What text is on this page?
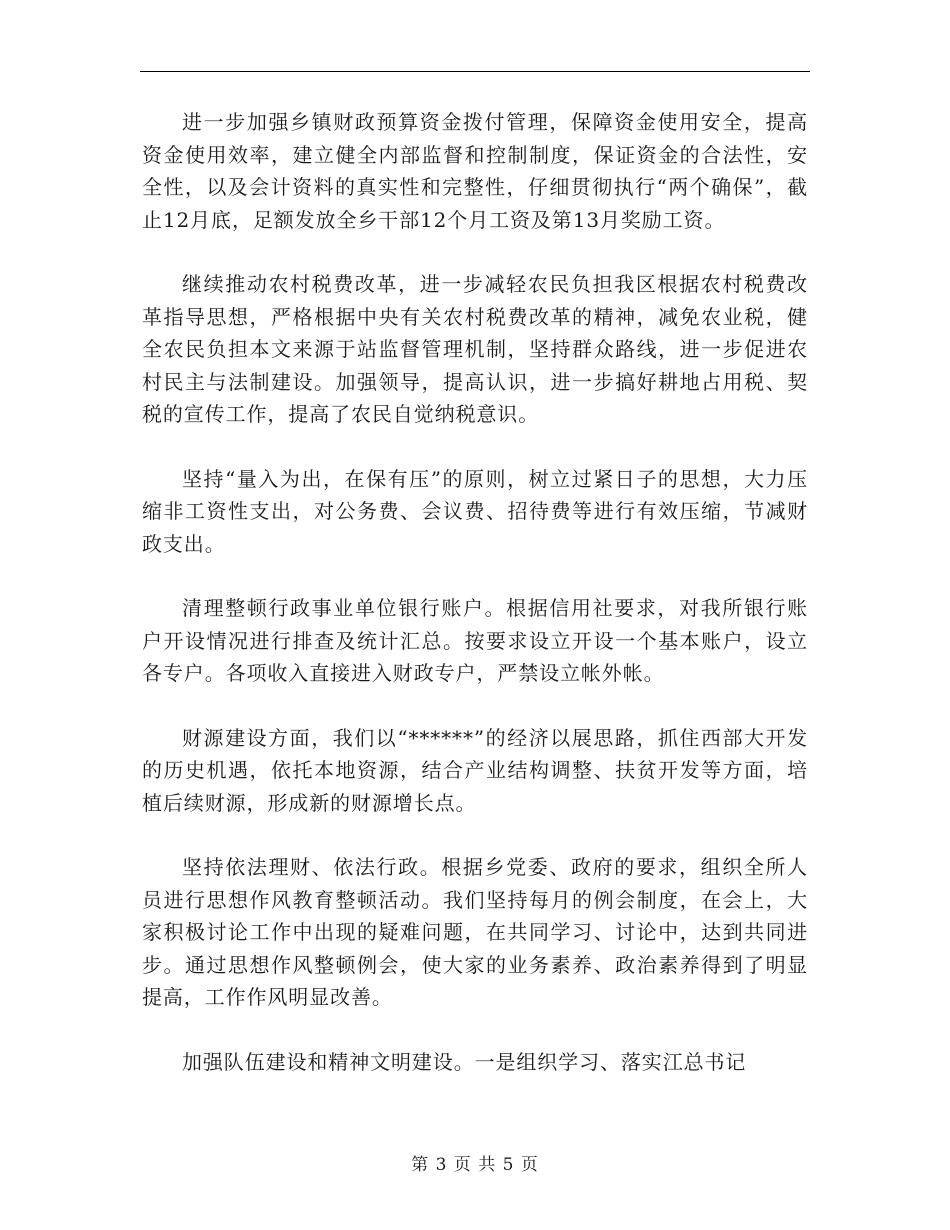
进一步加强乡镇财政预算资金拨付管理，保障资金使用安全，提高资金使用效率，建立健全内部监督和控制制度，保证资金的合法性，安全性，以及会计资料的真实性和完整性，仔细贯彻执行“两个确保”，截止12月底，足额发放全乡干部12个月工资及第13月奖励工资。

继续推动农村税费改革，进一步减轻农民负担我区根据农村税费改革指导思想，严格根据中央有关农村税费改革的精神，减免农业税，健全农民负担本文来源于站监督管理机制，坚持群众路线，进一步促进农村民主与法制建设。加强领导，提高认识，进一步搞好耕地占用税、契税的宣传工作，提高了农民自觉纳税意识。

坚持“量入为出，在保有压”的原则，树立过紧日子的思想，大力压缩非工资性支出，对公务费、会议费、招待费等进行有效压缩，节减财政支出。

清理整顿行政事业单位银行账户。根据信用社要求，对我所银行账户开设情况进行排查及统计汇总。按要求设立开设一个基本账户，设立各专户。各项收入直接进入财政专户，严禁设立帐外帐。

财源建设方面，我们以“******”的经济以展思路，抓住西部大开发的历史机遇，依托本地资源，结合产业结构调整、扶贫开发等方面，培植后续财源，形成新的财源增长点。

坚持依法理财、依法行政。根据乡党委、政府的要求，组织全所人员进行思想作风教育整顿活动。我们坚持每月的例会制度，在会上，大家积极讨论工作中出现的疑难问题，在共同学习、讨论中，达到共同进步。通过思想作风整顿例会，使大家的业务素养、政治素养得到了明显提高，工作作风明显改善。

加强队伍建设和精神文明建设。一是组织学习、落实江总书记

第 3 页 共 5 页
